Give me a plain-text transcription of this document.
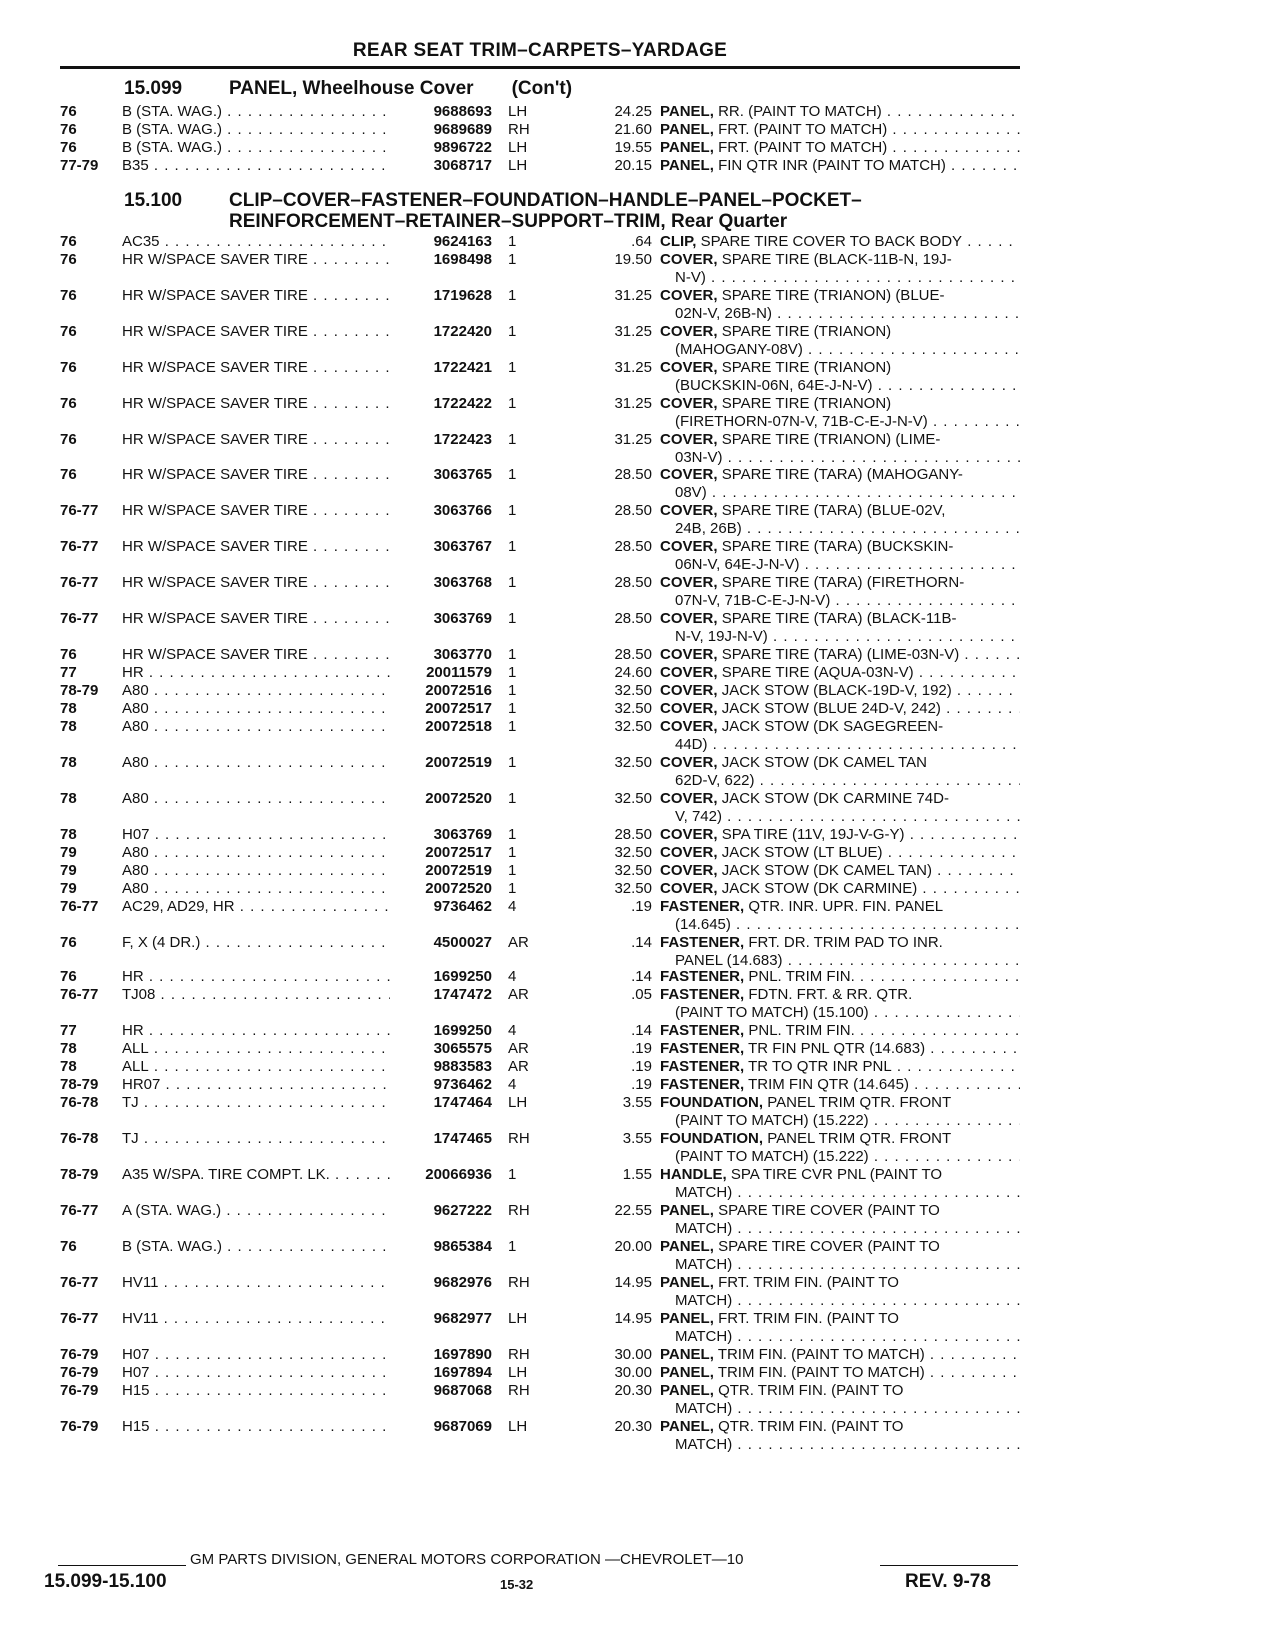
REAR SEAT TRIM–CARPETS–YARDAGE
15.099 PANEL, Wheelhouse Cover (Con't)
76	B (STA. WAG.) . . .	9688693 LH	24.25 PANEL, RR. (PAINT TO MATCH) . . .
76	B (STA. WAG.) . . .	9689689 RH	21.60 PANEL, FRT. (PAINT TO MATCH) . . .
76	B (STA. WAG.) . . .	9896722 LH	19.55 PANEL, FRT. (PAINT TO MATCH) . . .
77-79	B35 . . .	3068717 LH	20.15 PANEL, FIN QTR INR (PAINT TO MATCH) . . .
15.100 CLIP–COVER–FASTENER–FOUNDATION–HANDLE–PANEL–POCKET–
REINFORCEMENT–RETAINER–SUPPORT–TRIM, Rear Quarter
76	AC35 . . .	9624163 1	.64 CLIP, SPARE TIRE COVER TO BACK BODY . . .
76	HR W/SPACE SAVER TIRE . . .	1698498 1	19.50 COVER, SPARE TIRE (BLACK-11B-N, 19J-
N-V) . . .
76	HR W/SPACE SAVER TIRE . . .	1719628 1	31.25 COVER, SPARE TIRE (TRIANON) (BLUE-
02N-V, 26B-N) . . .
76	HR W/SPACE SAVER TIRE . . .	1722420 1	31.25 COVER, SPARE TIRE (TRIANON)
(MAHOGANY-08V) . . .
76	HR W/SPACE SAVER TIRE . . .	1722421 1	31.25 COVER, SPARE TIRE (TRIANON)
(BUCKSKIN-06N, 64E-J-N-V) . . .
76	HR W/SPACE SAVER TIRE . . .	1722422 1	31.25 COVER, SPARE TIRE (TRIANON)
(FIRETHORN-07N-V, 71B-C-E-J-N-V) . . .
76	HR W/SPACE SAVER TIRE . . .	1722423 1	31.25 COVER, SPARE TIRE (TRIANON) (LIME-
03N-V) . . .
76	HR W/SPACE SAVER TIRE . . .	3063765 1	28.50 COVER, SPARE TIRE (TARA) (MAHOGANY-
08V) . . .
76-77	HR W/SPACE SAVER TIRE . . .	3063766 1	28.50 COVER, SPARE TIRE (TARA) (BLUE-02V,
24B, 26B) . . .
76-77	HR W/SPACE SAVER TIRE . . .	3063767 1	28.50 COVER, SPARE TIRE (TARA) (BUCKSKIN-
06N-V, 64E-J-N-V) . . .
76-77	HR W/SPACE SAVER TIRE . . .	3063768 1	28.50 COVER, SPARE TIRE (TARA) (FIRETHORN-
07N-V, 71B-C-E-J-N-V) . . .
76-77	HR W/SPACE SAVER TIRE . . .	3063769 1	28.50 COVER, SPARE TIRE (TARA) (BLACK-11B-
N-V, 19J-N-V) . . .
76	HR W/SPACE SAVER TIRE . . .	3063770 1	28.50 COVER, SPARE TIRE (TARA) (LIME-03N-V) . . .
77	HR . . .	20011579 1	24.60 COVER, SPARE TIRE (AQUA-03N-V) . . .
78-79	A80 . . .	20072516 1	32.50 COVER, JACK STOW (BLACK-19D-V, 192) . . .
78	A80 . . .	20072517 1	32.50 COVER, JACK STOW (BLUE 24D-V, 242) . . .
78	A80 . . .	20072518 1	32.50 COVER, JACK STOW (DK SAGEGREEN-
44D) . . .
78	A80 . . .	20072519 1	32.50 COVER, JACK STOW (DK CAMEL TAN
62D-V, 622) . . .
78	A80 . . .	20072520 1	32.50 COVER, JACK STOW (DK CARMINE 74D-
V, 742) . . .
78	H07 . . .	3063769 1	28.50 COVER, SPA TIRE (11V, 19J-V-G-Y) . . .
79	A80 . . .	20072517 1	32.50 COVER, JACK STOW (LT BLUE) . . .
79	A80 . . .	20072519 1	32.50 COVER, JACK STOW (DK CAMEL TAN) . . .
79	A80 . . .	20072520 1	32.50 COVER, JACK STOW (DK CARMINE) . . .
76-77	AC29, AD29, HR . . .	9736462 4	.19 FASTENER, QTR. INR. UPR. FIN. PANEL
(14.645) . . .
76	F, X (4 DR.) . . .	4500027 AR	.14 FASTENER, FRT. DR. TRIM PAD TO INR.
PANEL (14.683) . . .
76	HR . . .	1699250 4	.14 FASTENER, PNL. TRIM FIN. . . .
76-77	TJ08 . . .	1747472 AR	.05 FASTENER, FDTN. FRT. & RR. QTR.
(PAINT TO MATCH) (15.100) . . .
77	HR . . .	1699250 4	.14 FASTENER, PNL. TRIM FIN. . . .
78	ALL . . .	3065575 AR	.19 FASTENER, TR FIN PNL QTR (14.683) . . .
78	ALL . . .	9883583 AR	.19 FASTENER, TR TO QTR INR PNL . . .
78-79	HR07 . . .	9736462 4	.19 FASTENER, TRIM FIN QTR (14.645) . . .
76-78	TJ . . .	1747464 LH	3.55 FOUNDATION, PANEL TRIM QTR. FRONT
(PAINT TO MATCH) (15.222) . . .
76-78	TJ . . .	1747465 RH	3.55 FOUNDATION, PANEL TRIM QTR. FRONT
(PAINT TO MATCH) (15.222) . . .
78-79	A35 W/SPA. TIRE COMPT. LK. . . .	20066936 1	1.55 HANDLE, SPA TIRE CVR PNL (PAINT TO
MATCH) . . .
76-77	A (STA. WAG.) . . .	9627222 RH	22.55 PANEL, SPARE TIRE COVER (PAINT TO
MATCH) . . .
76	B (STA. WAG.) . . .	9865384 1	20.00 PANEL, SPARE TIRE COVER (PAINT TO
MATCH) . . .
76-77	HV11 . . .	9682976 RH	14.95 PANEL, FRT. TRIM FIN. (PAINT TO
MATCH) . . .
76-77	HV11 . . .	9682977 LH	14.95 PANEL, FRT. TRIM FIN. (PAINT TO
MATCH) . . .
76-79	H07 . . .	1697890 RH	30.00 PANEL, TRIM FIN. (PAINT TO MATCH) . . .
76-79	H07 . . .	1697894 LH	30.00 PANEL, TRIM FIN. (PAINT TO MATCH) . . .
76-79	H15 . . .	9687068 RH	20.30 PANEL, QTR. TRIM FIN. (PAINT TO
MATCH) . . .
76-79	H15 . . .	9687069 LH	20.30 PANEL, QTR. TRIM FIN. (PAINT TO
MATCH) . . .
GM PARTS DIVISION, GENERAL MOTORS CORPORATION —CHEVROLET—10
15.099-15.100	15-32	REV. 9-78
